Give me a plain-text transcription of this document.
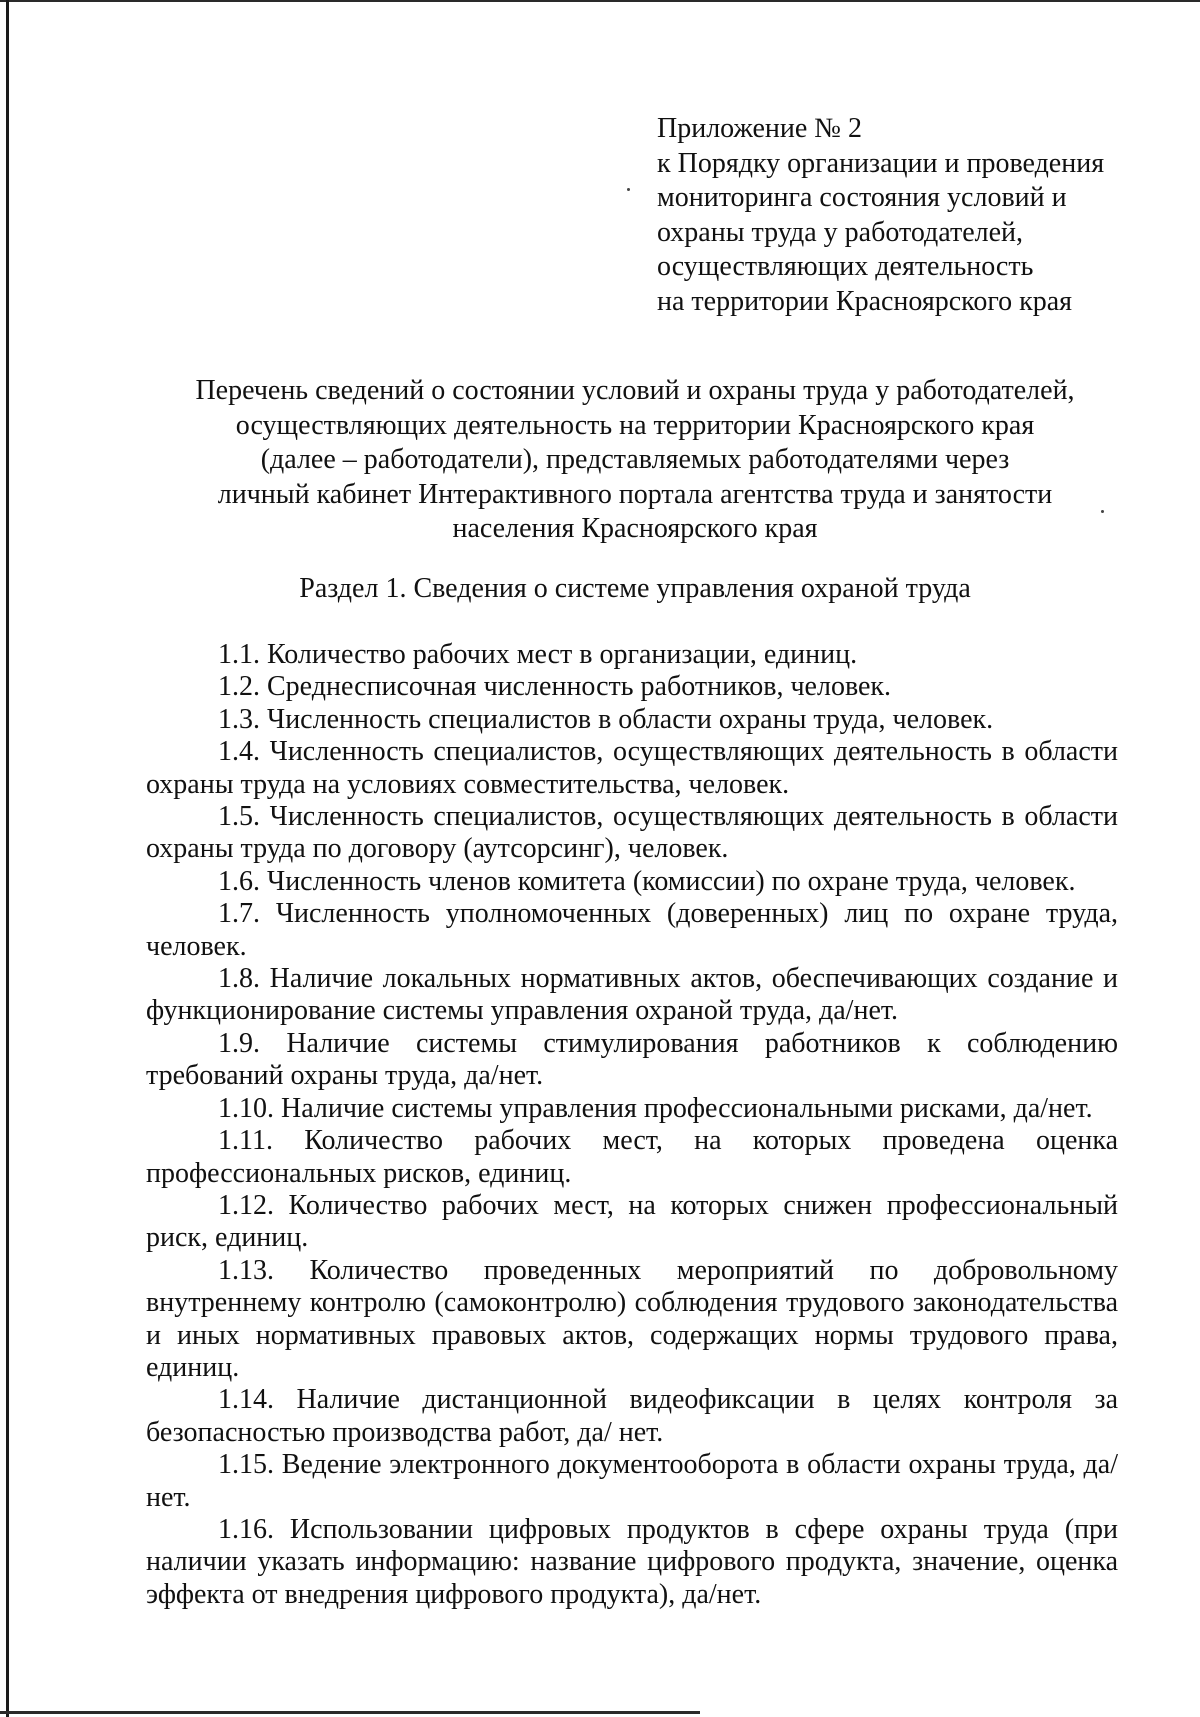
Приложение № 2
к Порядку организации и проведения
мониторинга состояния условий и
охраны труда у работодателей,
осуществляющих деятельность
на территории Красноярского края
Перечень сведений о состоянии условий и охраны труда у работодателей,
осуществляющих деятельность на территории Красноярского края
(далее – работодатели), представляемых работодателями через
личный кабинет Интерактивного портала агентства труда и занятости
населения Красноярского края
Раздел 1. Сведения о системе управления охраной труда

1.1. Количество рабочих мест в организации, единиц.

1.2. Среднесписочная численность работников, человек.

1.3. Численность специалистов в области охраны труда, человек.

1.4. Численность специалистов, осуществляющих деятельность в области охраны труда на условиях совместительства, человек.

1.5. Численность специалистов, осуществляющих деятельность в области охраны труда по договору (аутсорсинг), человек.

1.6. Численность членов комитета (комиссии) по охране труда, человек.

1.7. Численность уполномоченных (доверенных) лиц по охране труда, человек.

1.8. Наличие локальных нормативных актов, обеспечивающих создание и функционирование системы управления охраной труда, да/нет.

1.9. Наличие системы стимулирования работников к соблюдению требований охраны труда, да/нет.

1.10. Наличие системы управления профессиональными рисками, да/нет.

1.11. Количество рабочих мест, на которых проведена оценка профессиональных рисков, единиц.

1.12. Количество рабочих мест, на которых снижен профессиональный риск, единиц.

1.13. Количество проведенных мероприятий по добровольному внутреннему контролю (самоконтролю) соблюдения трудового законодательства и иных нормативных правовых актов, содержащих нормы трудового права, единиц.

1.14. Наличие дистанционной видеофиксации в целях контроля за безопасностью производства работ, да/ нет.

1.15. Ведение электронного документооборота в области охраны труда, да/нет.

1.16. Использовании цифровых продуктов в сфере охраны труда (при наличии указать информацию: название цифрового продукта, значение, оценка эффекта от внедрения цифрового продукта), да/нет.
